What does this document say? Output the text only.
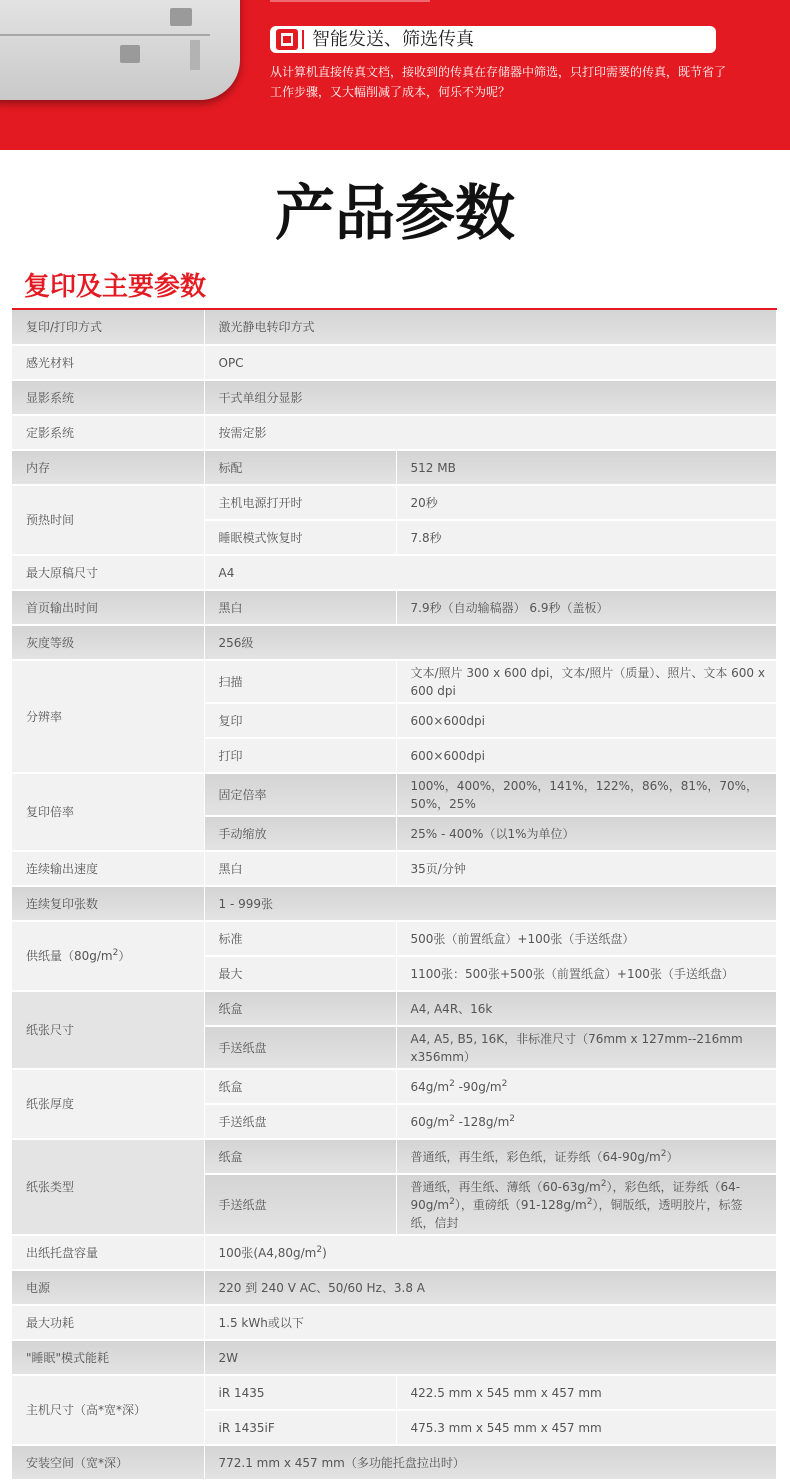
智能发送、筛选传真
从计算机直接传真文档，接收到的传真在存储器中筛选，只打印需要的传真，既节省了工作步骤，又大幅削减了成本，何乐不为呢？
产品参数
复印及主要参数
复印/打印方式	激光静电转印方式	
感光材料	OPC	
显影系统	干式单组分显影	
定影系统	按需定影	
内存	标配	512 MB
预热时间	主机电源打开时	20秒
	睡眠模式恢复时	7.8秒
最大原稿尺寸	A4	
首页输出时间	黑白	7.9秒（自动输稿器） 6.9秒（盖板）
灰度等级	256级	
分辨率	扫描	文本/照片 300 x 600 dpi，文本/照片（质量）、照片、文本 600 x 600 dpi
	复印	600×600dpi
	打印	600×600dpi
复印倍率	固定倍率	100%，400%，200%，141%，122%，86%，81%，70%，50%，25%
	手动缩放	25% - 400%（以1%为单位）
连续输出速度	黑白	35页/分钟
连续复印张数	1 - 999张	
供纸量$(80g/m^2)$	标准	500张（前置纸盒）+100张（手送纸盘）
	最大	1100张：500张+500张（前置纸盒）+100张（手送纸盘）
纸张尺寸	纸盒	A4, A4R、16k
	手送纸盘	A4, A5, B5, 16K，非标准尺寸（76mm x 127mm--216mm x356mm）
纸张厚度	纸盒	$64g/m^2$ $-90g/m^2$
	手送纸盘	$60g/m^2$ $-128g/m^2$
纸张类型	纸盒	普通纸，再生纸，彩色纸，证券纸$(64-90g/m^2)$
	手送纸盘	普通纸，再生纸、薄纸$(60-63g/m^2)$，彩色纸，证券纸$(64-90g/m^2)$，重磅纸$(91-128g/m^2)$，铜版纸，透明胶片，标签纸，信封
出纸托盘容量	100张$(A4,80g/m^2)$	
电源	220 到 240 V AC、50/60 Hz、3.8 A	
最大功耗	1.5 kWh或以下	
"睡眠"模式能耗	2W	
主机尺寸（高*宽*深）	iR 1435	422.5 mm x 545 mm x 457 mm
	iR 1435iF	475.3 mm x 545 mm x 457 mm
安装空间（宽*深）	772.1 mm x 457 mm（多功能托盘拉出时）	
